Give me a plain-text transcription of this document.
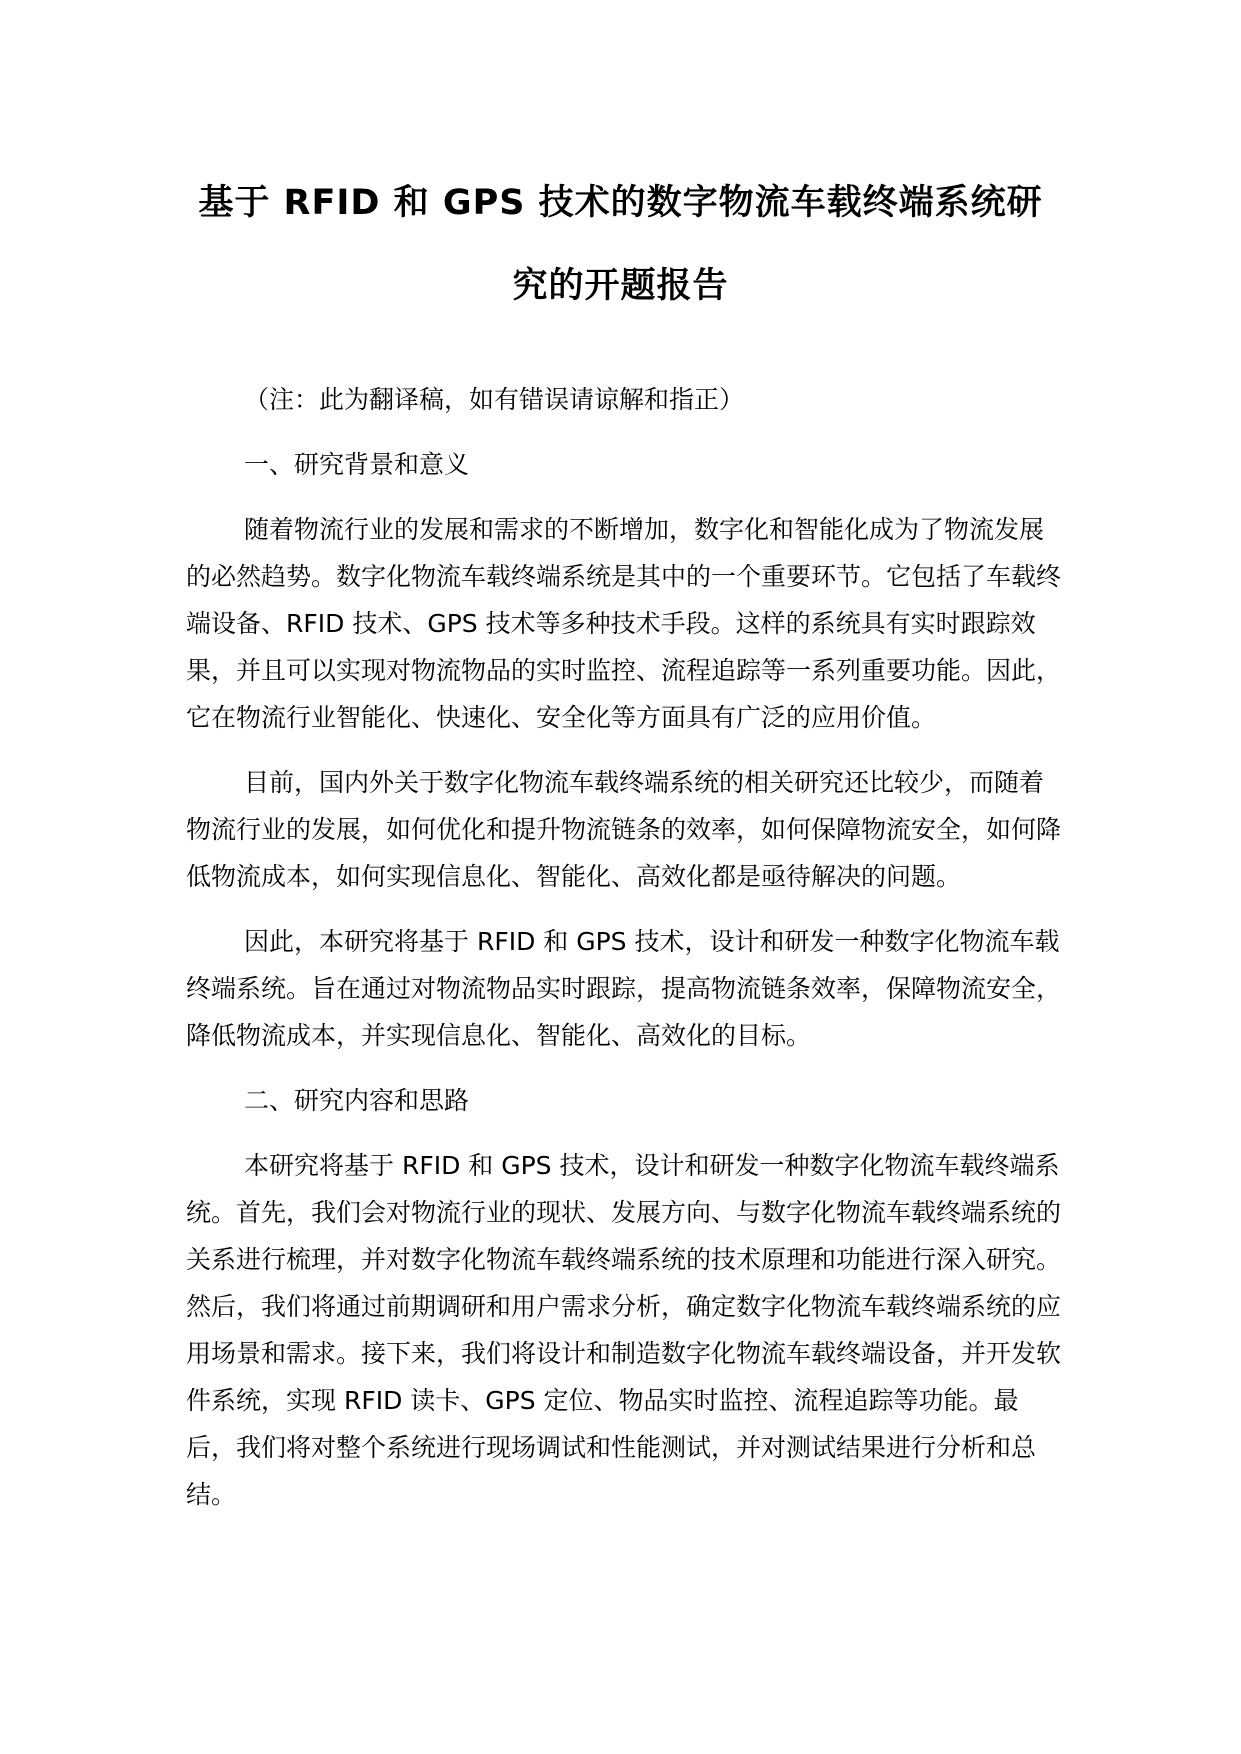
基于 RFID 和 GPS 技术的数字物流车载终端系统研
究的开题报告

（注：此为翻译稿，如有错误请谅解和指正）

一、研究背景和意义

随着物流行业的发展和需求的不断增加，数字化和智能化成为了物流发展的必然趋势。数字化物流车载终端系统是其中的一个重要环节。它包括了车载终端设备、RFID 技术、GPS 技术等多种技术手段。这样的系统具有实时跟踪效果，并且可以实现对物流物品的实时监控、流程追踪等一系列重要功能。因此，它在物流行业智能化、快速化、安全化等方面具有广泛的应用价值。

目前，国内外关于数字化物流车载终端系统的相关研究还比较少，而随着物流行业的发展，如何优化和提升物流链条的效率，如何保障物流安全，如何降低物流成本，如何实现信息化、智能化、高效化都是亟待解决的问题。

因此，本研究将基于 RFID 和 GPS 技术，设计和研发一种数字化物流车载终端系统。旨在通过对物流物品实时跟踪，提高物流链条效率，保障物流安全，降低物流成本，并实现信息化、智能化、高效化的目标。

二、研究内容和思路

本研究将基于 RFID 和 GPS 技术，设计和研发一种数字化物流车载终端系统。首先，我们会对物流行业的现状、发展方向、与数字化物流车载终端系统的关系进行梳理，并对数字化物流车载终端系统的技术原理和功能进行深入研究。然后，我们将通过前期调研和用户需求分析，确定数字化物流车载终端系统的应用场景和需求。接下来，我们将设计和制造数字化物流车载终端设备，并开发软件系统，实现 RFID 读卡、GPS 定位、物品实时监控、流程追踪等功能。最后，我们将对整个系统进行现场调试和性能测试，并对测试结果进行分析和总结。
